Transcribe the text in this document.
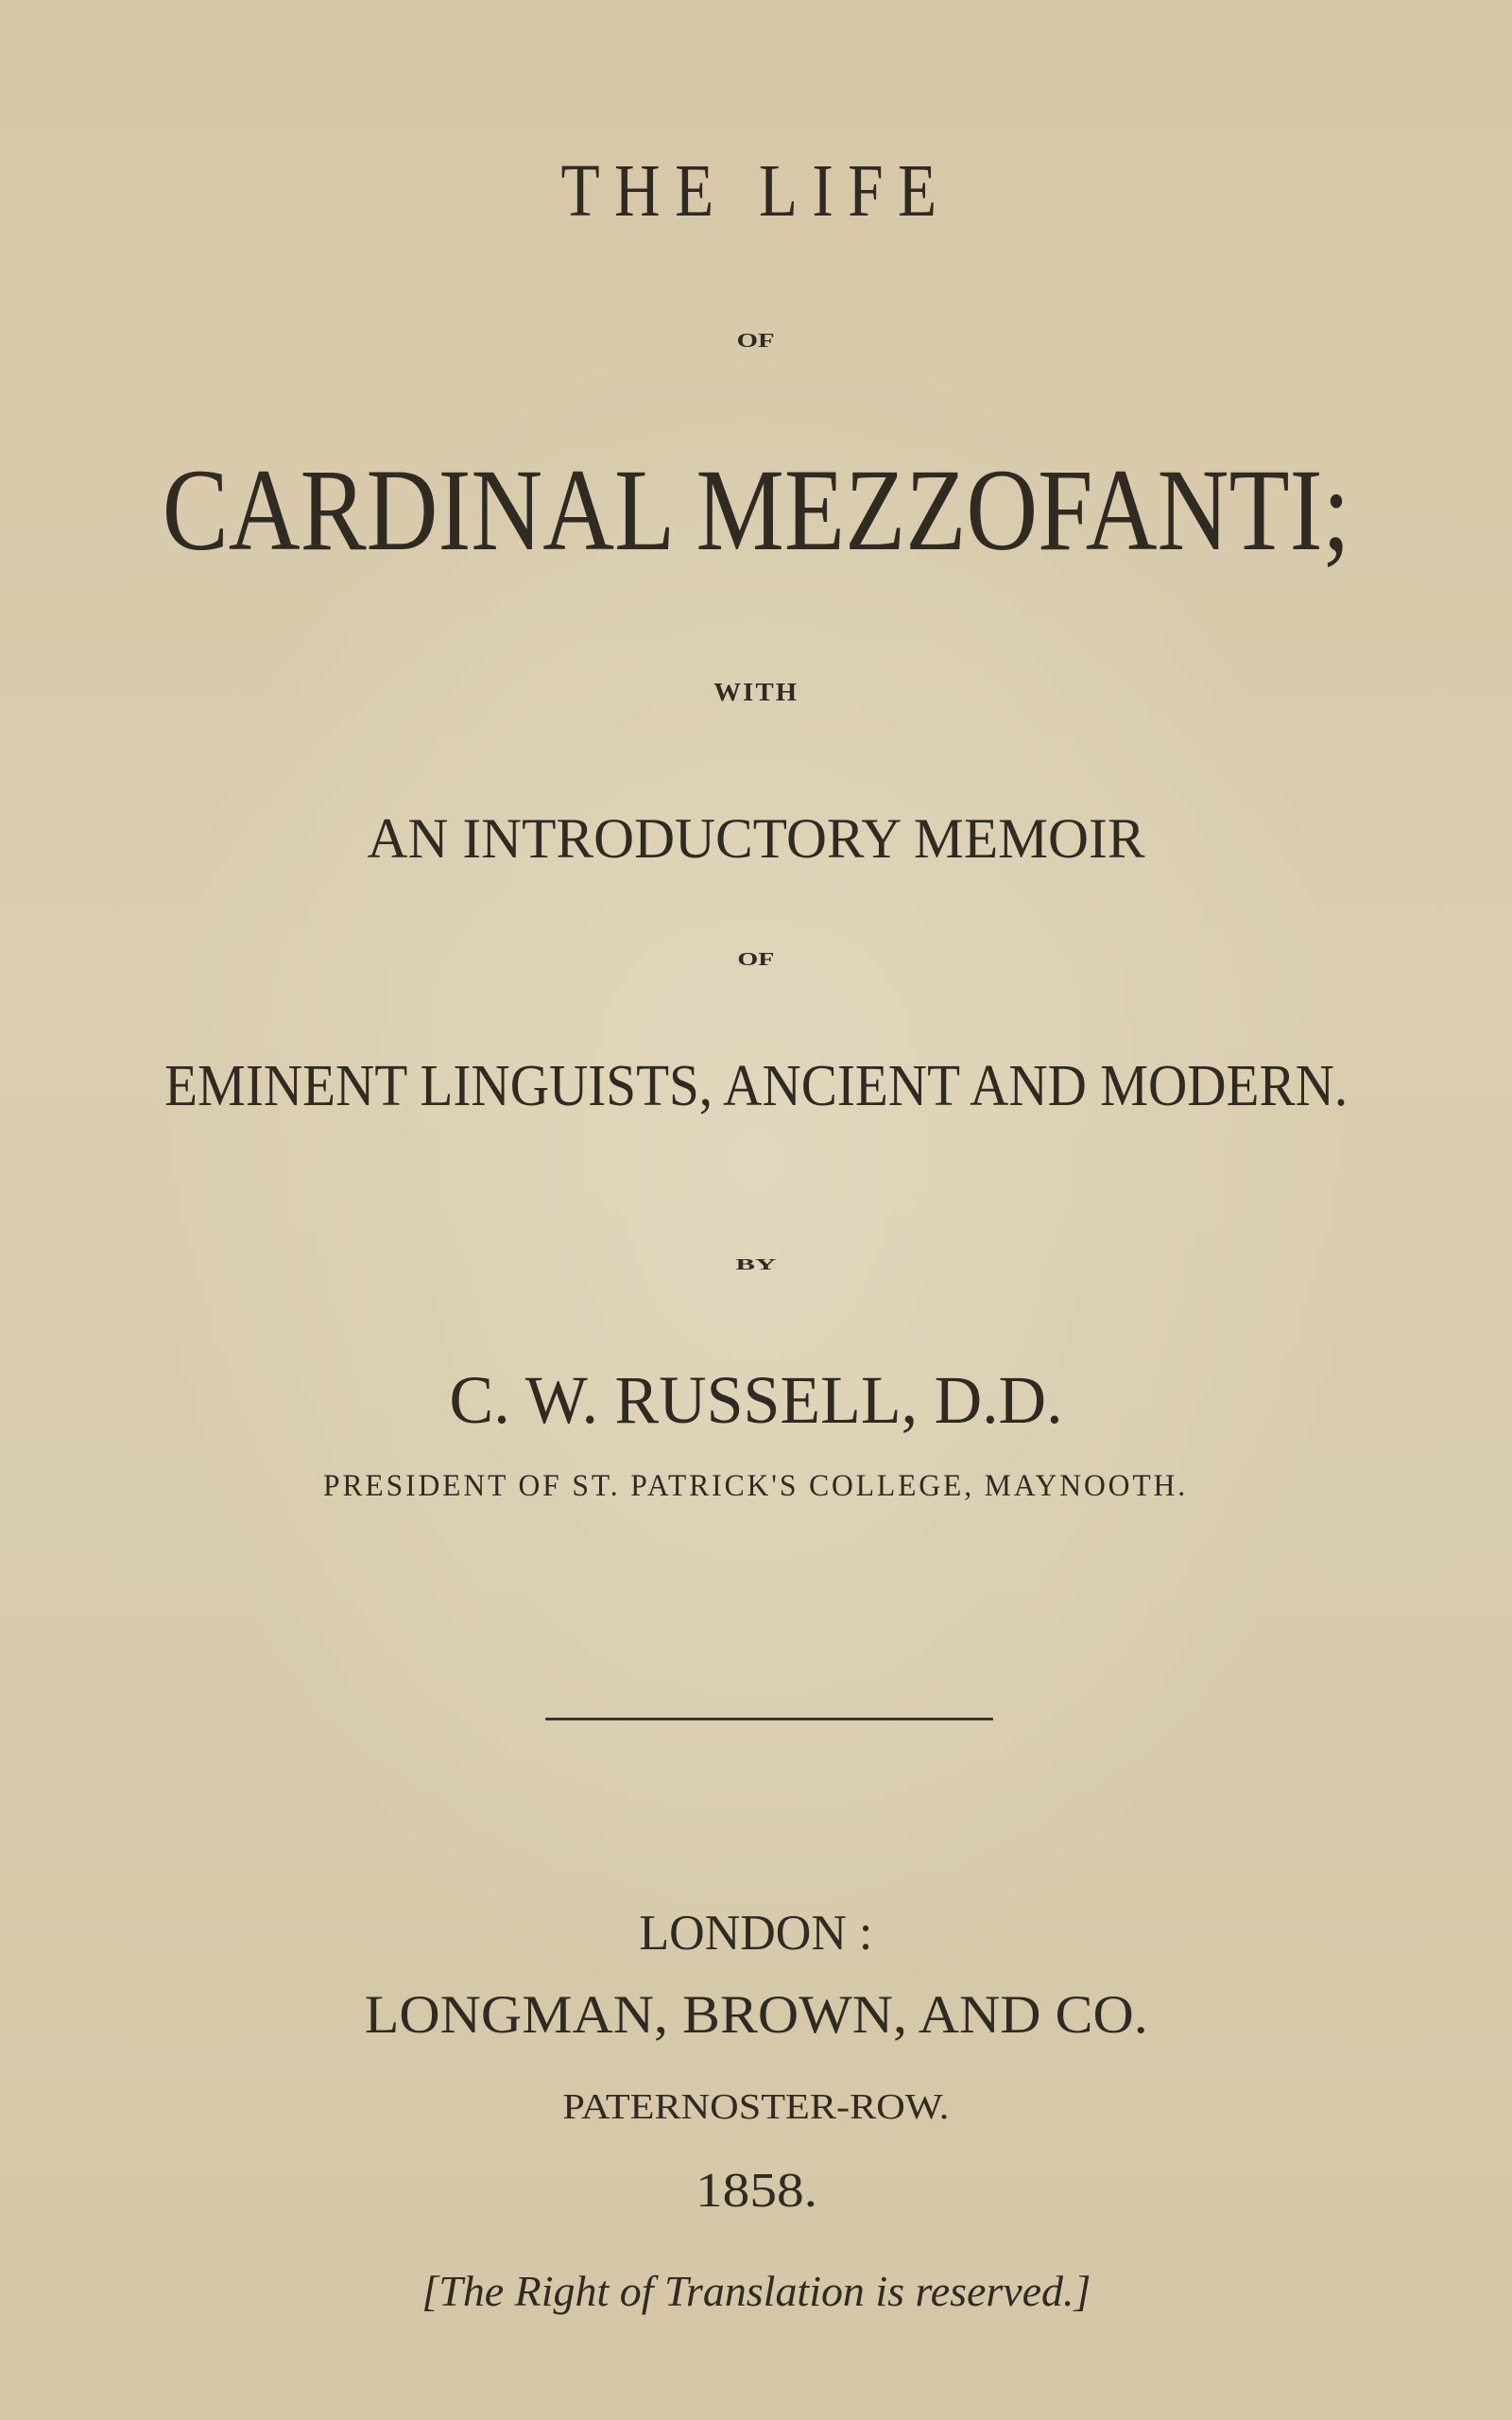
THE LIFE
OF
CARDINAL MEZZOFANTI;
WITH
AN INTRODUCTORY MEMOIR
OF
EMINENT LINGUISTS, ANCIENT AND MODERN.
BY
C. W. RUSSELL, D.D.
PRESIDENT OF ST. PATRICK'S COLLEGE, MAYNOOTH.
LONDON :
LONGMAN, BROWN, AND CO.
PATERNOSTER-ROW.
1858.
[The Right of Translation is reserved.]
